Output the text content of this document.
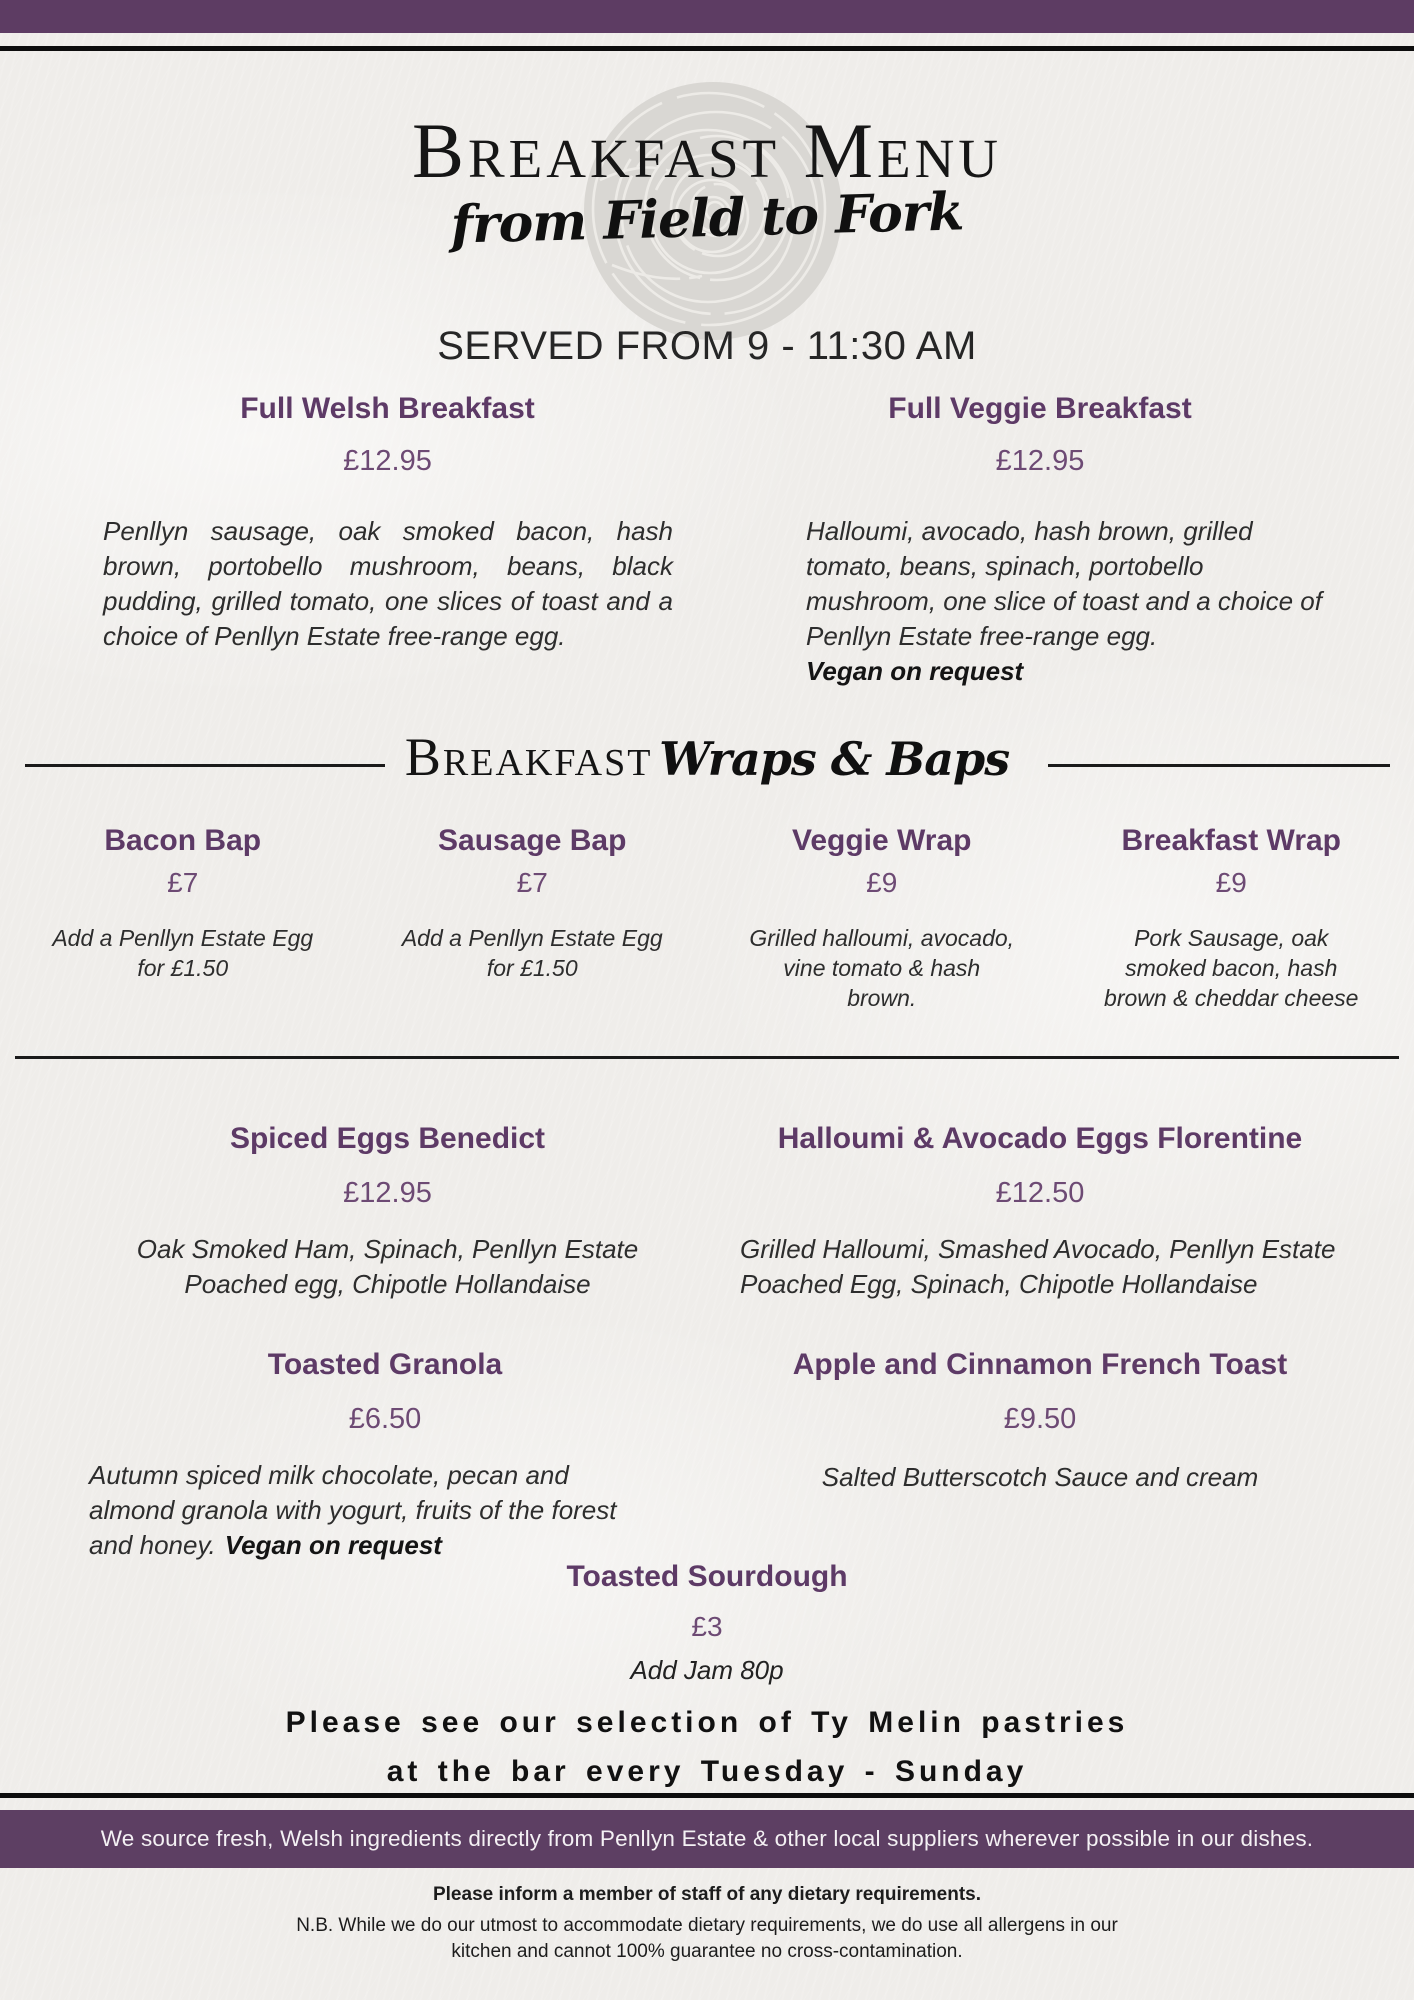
Breakfast Menu
from Field to Fork
SERVED FROM 9 - 11:30 AM
Full Welsh Breakfast
£12.95

Penllyn sausage, oak smoked bacon, hash brown, portobello mushroom, beans, black pudding, grilled tomato, one slices of toast and a choice of Penllyn Estate free-range egg.

Full Veggie Breakfast
£12.95

Halloumi, avocado, hash brown, grilled tomato, beans, spinach, portobello mushroom, one slice of toast and a choice of Penllyn Estate free-range egg.
Vegan on request

Breakfast Wraps & Baps
Bacon Bap
£7

Add a Penllyn Estate Egg for £1.50

Sausage Bap
£7

Add a Penllyn Estate Egg for £1.50

Veggie Wrap
£9

Grilled halloumi, avocado, vine tomato & hash brown.

Breakfast Wrap
£9

Pork Sausage, oak smoked bacon, hash brown & cheddar cheese

Spiced Eggs Benedict
£12.95

Oak Smoked Ham, Spinach, Penllyn Estate Poached egg, Chipotle Hollandaise

Halloumi & Avocado Eggs Florentine
£12.50

Grilled Halloumi, Smashed Avocado, Penllyn Estate Poached Egg, Spinach, Chipotle Hollandaise

Toasted Granola
£6.50

Autumn spiced milk chocolate, pecan and almond granola with yogurt, fruits of the forest and honey. Vegan on request

Apple and Cinnamon French Toast
£9.50

Salted Butterscotch Sauce and cream

Toasted Sourdough
£3

Add Jam 80p

Please see our selection of Ty Melin pastries
at the bar every Tuesday - Sunday
We source fresh, Welsh ingredients directly from Penllyn Estate & other local suppliers wherever possible in our dishes.
Please inform a member of staff of any dietary requirements.
N.B. While we do our utmost to accommodate dietary requirements, we do use all allergens in our
kitchen and cannot 100% guarantee no cross-contamination.
